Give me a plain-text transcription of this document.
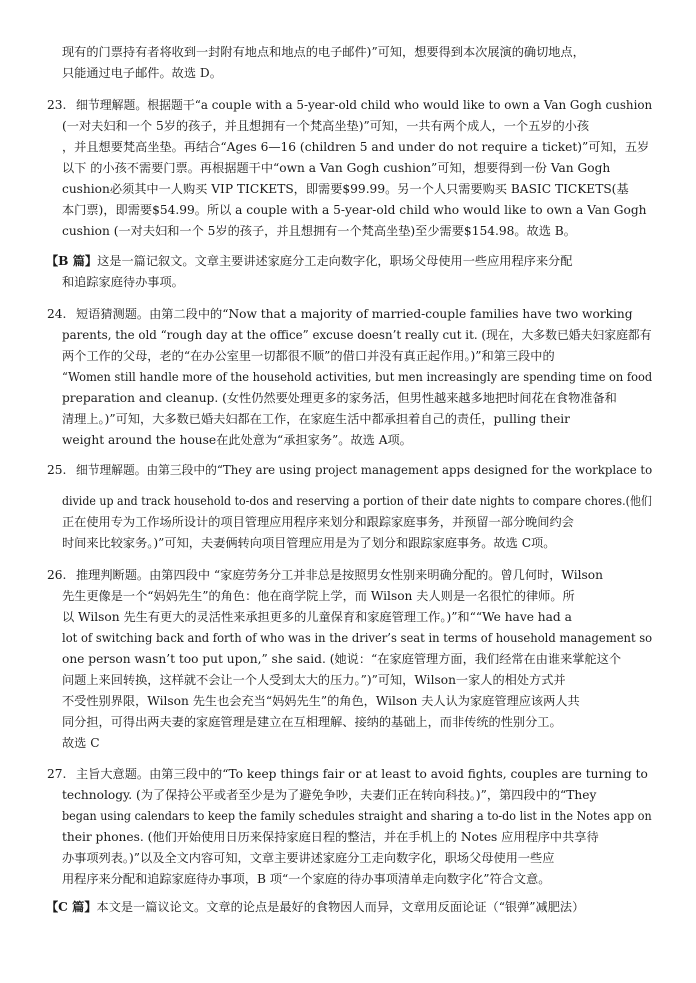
现有的门票持有者将收到一封附有地点和地点的电子邮件)”可知，想要得到本次展演的确切地点，
只能通过电子邮件。故选 D。
23. 细节理解题。根据题干“a couple with a 5-year-old child who would like to own a Van Gogh cushion
(一对夫妇和一个 5岁的孩子，并且想拥有一个梵高坐垫)”可知，一共有两个成人，一个五岁的小孩
，并且想要梵高坐垫。再结合“Ages 6—16 (children 5 and under do not require a ticket)”可知，五岁
以下 的小孩不需要门票。再根据题干中“own a Van Gogh cushion”可知，想要得到一份 Van Gogh
cushion必须其中一人购买 VIP TICKETS，即需要$99.99。另一个人只需要购买 BASIC TICKETS(基
本门票)，即需要$54.99。所以 a couple with a 5-year-old child who would like to own a Van Gogh
cushion (一对夫妇和一个 5岁的孩子，并且想拥有一个梵高坐垫)至少需要$154.98。故选 B。
【B 篇】这是一篇记叙文。文章主要讲述家庭分工走向数字化，职场父母使用一些应用程序来分配
和追踪家庭待办事项。
24. 短语猜测题。由第二段中的“Now that a majority of married-couple families have two working
parents, the old “rough day at the office” excuse doesn’t really cut it. (现在，大多数已婚夫妇家庭都有
两个工作的父母，老的“在办公室里一切都很不顺”的借口并没有真正起作用。)”和第三段中的
“Women still handle more of the household activities, but men increasingly are spending time on food
preparation and cleanup. (女性仍然要处理更多的家务活，但男性越来越多地把时间花在食物准备和
清理上。)”可知，大多数已婚夫妇都在工作，在家庭生活中都承担着自己的责任，pulling their
weight around the house在此处意为“承担家务”。故选 A项。
25. 细节理解题。由第三段中的“They are using project management apps designed for the workplace to
divide up and track household to-dos and reserving a portion of their date nights to compare chores.(他们
正在使用专为工作场所设计的项目管理应用程序来划分和跟踪家庭事务，并预留一部分晚间约会
时间来比较家务。)”可知，夫妻俩转向项目管理应用是为了划分和跟踪家庭事务。故选 C项。
26. 推理判断题。由第四段中 “家庭劳务分工并非总是按照男女性别来明确分配的。曾几何时，Wilson
先生更像是一个“妈妈先生”的角色：他在商学院上学，而 Wilson 夫人则是一名很忙的律师。所
以 Wilson 先生有更大的灵活性来承担更多的儿童保育和家庭管理工作。)”和““We have had a
lot of switching back and forth of who was in the driver’s seat in terms of household management so
one person wasn’t too put upon,” she said. (她说：“在家庭管理方面，我们经常在由谁来掌舵这个
问题上来回转换，这样就不会让一个人受到太大的压力。”)”可知，Wilson一家人的相处方式并
不受性别界限，Wilson 先生也会充当“妈妈先生”的角色，Wilson 夫人认为家庭管理应该两人共
同分担，可得出两夫妻的家庭管理是建立在互相理解、接纳的基础上，而非传统的性别分工。
故选 C
27. 主旨大意题。由第三段中的“To keep things fair or at least to avoid fights, couples are turning to
technology. (为了保持公平或者至少是为了避免争吵，夫妻们正在转向科技。)”，第四段中的“They
began using calendars to keep the family schedules straight and sharing a to-do list in the Notes app on
their phones. (他们开始使用日历来保持家庭日程的整洁，并在手机上的 Notes 应用程序中共享待
办事项列表。)”以及全文内容可知，文章主要讲述家庭分工走向数字化，职场父母使用一些应
用程序来分配和追踪家庭待办事项，B 项“一个家庭的待办事项清单走向数字化”符合文意。
【C 篇】本文是一篇议论文。文章的论点是最好的食物因人而异，文章用反面论证（“银弹”减肥法）
